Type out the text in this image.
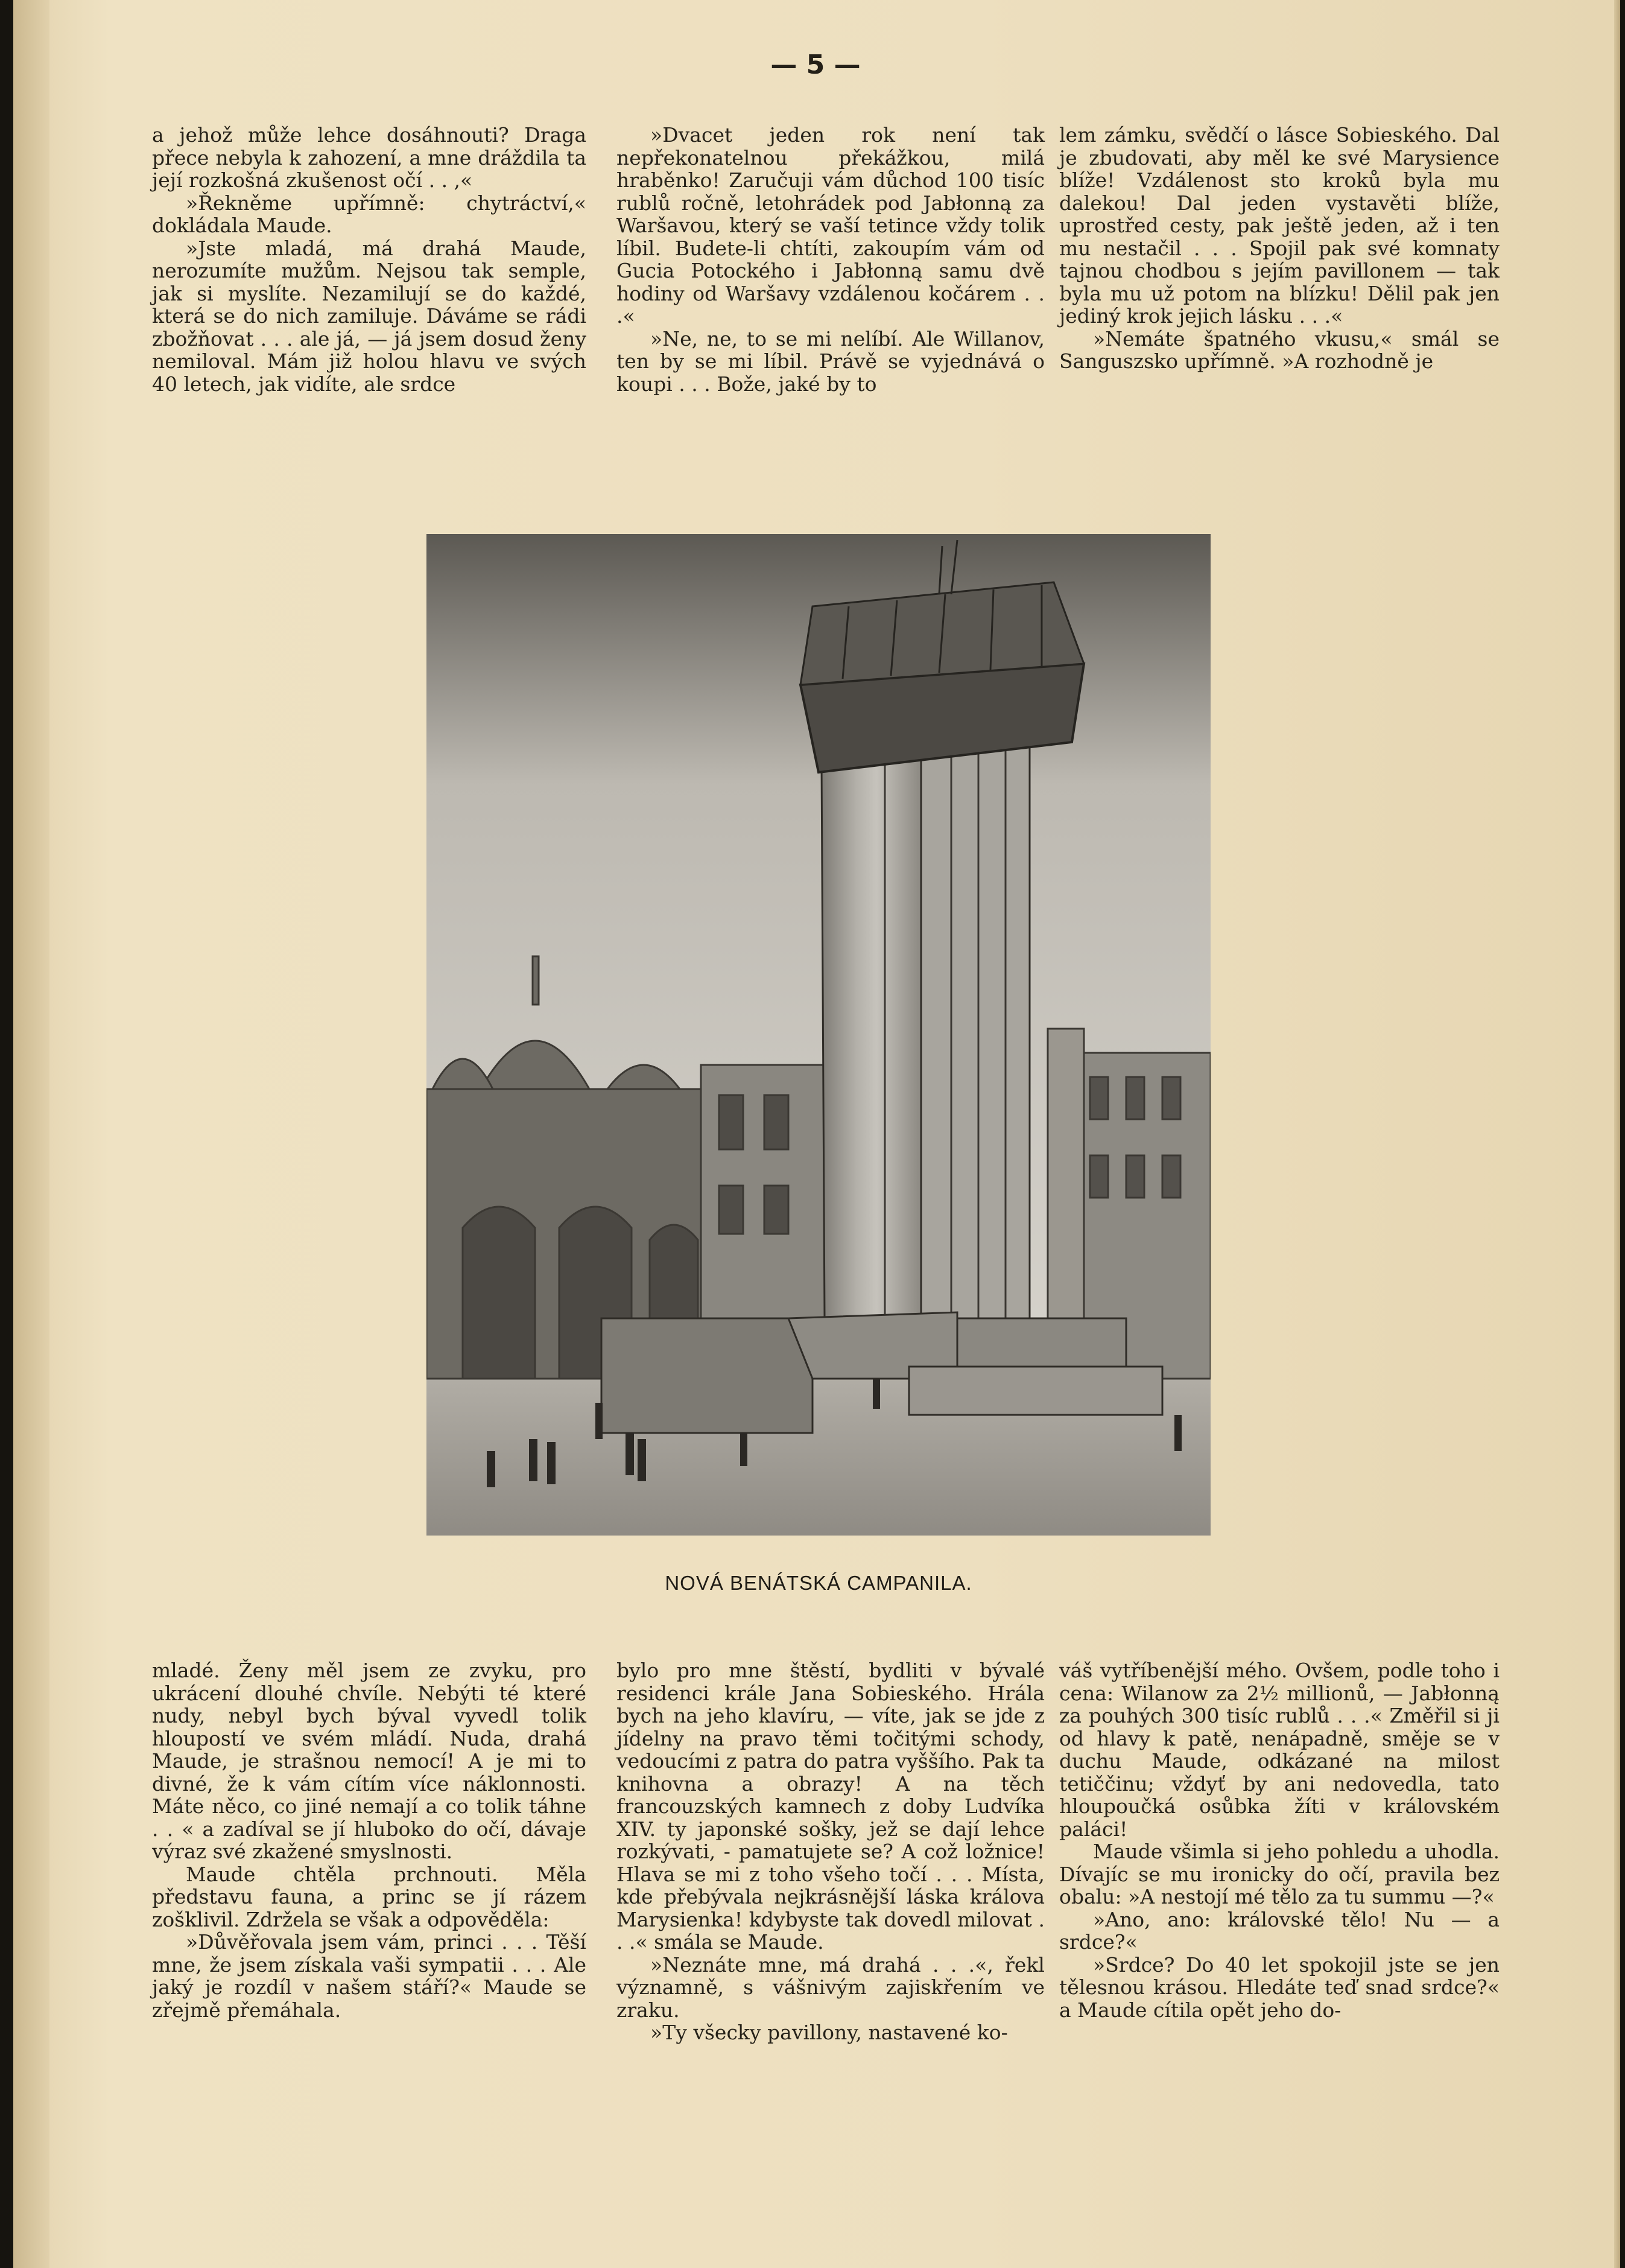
— 5 —

a jehož může lehce dosáhnouti? Draga přece nebyla k zahození, a mne dráždila ta její rozkošná zkušenost očí . . ,«

»Řekněme upřímně: chytráctví,« dokládala Maude.

»Jste mladá, má drahá Maude, nerozumíte mužům. Nejsou tak semple, jak si myslíte. Nezamilují se do každé, která se do nich zamiluje. Dáváme se rádi zbožňovat . . . ale já, — já jsem dosud ženy nemiloval. Mám již holou hlavu ve svých 40 letech, jak vidíte, ale srdce

»Dvacet jeden rok není tak nepřekonatelnou překážkou, milá hraběnko! Zaručuji vám důchod 100 tisíc rublů ročně, letohrádek pod Jabłonną za Waršavou, který se vaší tetince vždy tolik líbil. Budete-li chtíti, zakoupím vám od Gucia Potockého i Jabłonną samu dvě hodiny od Waršavy vzdálenou kočárem . . .«

»Ne, ne, to se mi nelíbí. Ale Willanov, ten by se mi líbil. Právě se vyjednává o koupi . . . Bože, jaké by to

lem zámku, svědčí o lásce Sobieského. Dal je zbudovati, aby měl ke své Marysience blíže! Vzdálenost sto kroků byla mu dalekou! Dal jeden vystavěti blíže, uprostřed cesty, pak ještě jeden, až i ten mu nestačil . . . Spojil pak své komnaty tajnou chodbou s jejím pavillonem — tak byla mu už potom na blízku! Dělil pak jen jediný krok jejich lásku . . .«

»Nemáte špatného vkusu,« smál se Sanguszsko upřímně. »A rozhodně je

NOVÁ BENÁTSKÁ CAMPANILA.

mladé. Ženy měl jsem ze zvyku, pro ukrácení dlouhé chvíle. Nebýti té které nudy, nebyl bych býval vyvedl tolik hloupostí ve svém mládí. Nuda, drahá Maude, je strašnou nemocí! A je mi to divné, že k vám cítím více náklonnosti. Máte něco, co jiné nemají a co tolik táhne . . « a zadíval se jí hluboko do očí, dávaje výraz své zkažené smyslnosti.

Maude chtěla prchnouti. Měla představu fauna, a princ se jí rázem zošklivil. Zdržela se však a odpověděla:

»Důvěřovala jsem vám, princi . . . Těší mne, že jsem získala vaši sympatii . . . Ale jaký je rozdíl v našem stáří?« Maude se zřejmě přemáhala.

bylo pro mne štěstí, bydliti v bývalé residenci krále Jana Sobieského. Hrála bych na jeho klavíru, — víte, jak se jde z jídelny na pravo těmi točitými schody, vedoucími z patra do patra vyššího. Pak ta knihovna a obrazy! A na těch francouzských kamnech z doby Ludvíka XIV. ty japonské sošky, jež se dají lehce rozkývati, - pamatujete se? A což ložnice! Hlava se mi z toho všeho točí . . . Místa, kde přebývala nejkrásnější láska králova Marysienka! kdybyste tak dovedl milovat . . .« smála se Maude.

»Neznáte mne, má drahá . . .«, řekl významně, s vášnivým zajiskřením ve zraku.

»Ty všecky pavillony, nastavené ko-

váš vytříbenější mého. Ovšem, podle toho i cena: Wilanow za 2½ millionů, — Jabłonną za pouhých 300 tisíc rublů . . .« Změřil si ji od hlavy k patě, nenápadně, směje se v duchu Maude, odkázané na milost tetiččinu; vždyť by ani nedovedla, tato hloupoučká osůbka žíti v královském paláci!

Maude všimla si jeho pohledu a uhodla. Dívajíc se mu ironicky do očí, pravila bez obalu: »A nestojí mé tělo za tu summu —?«

»Ano, ano: královské tělo! Nu — a srdce?«

»Srdce? Do 40 let spokojil jste se jen tělesnou krásou. Hledáte teď snad srdce?« a Maude cítila opět jeho do-
